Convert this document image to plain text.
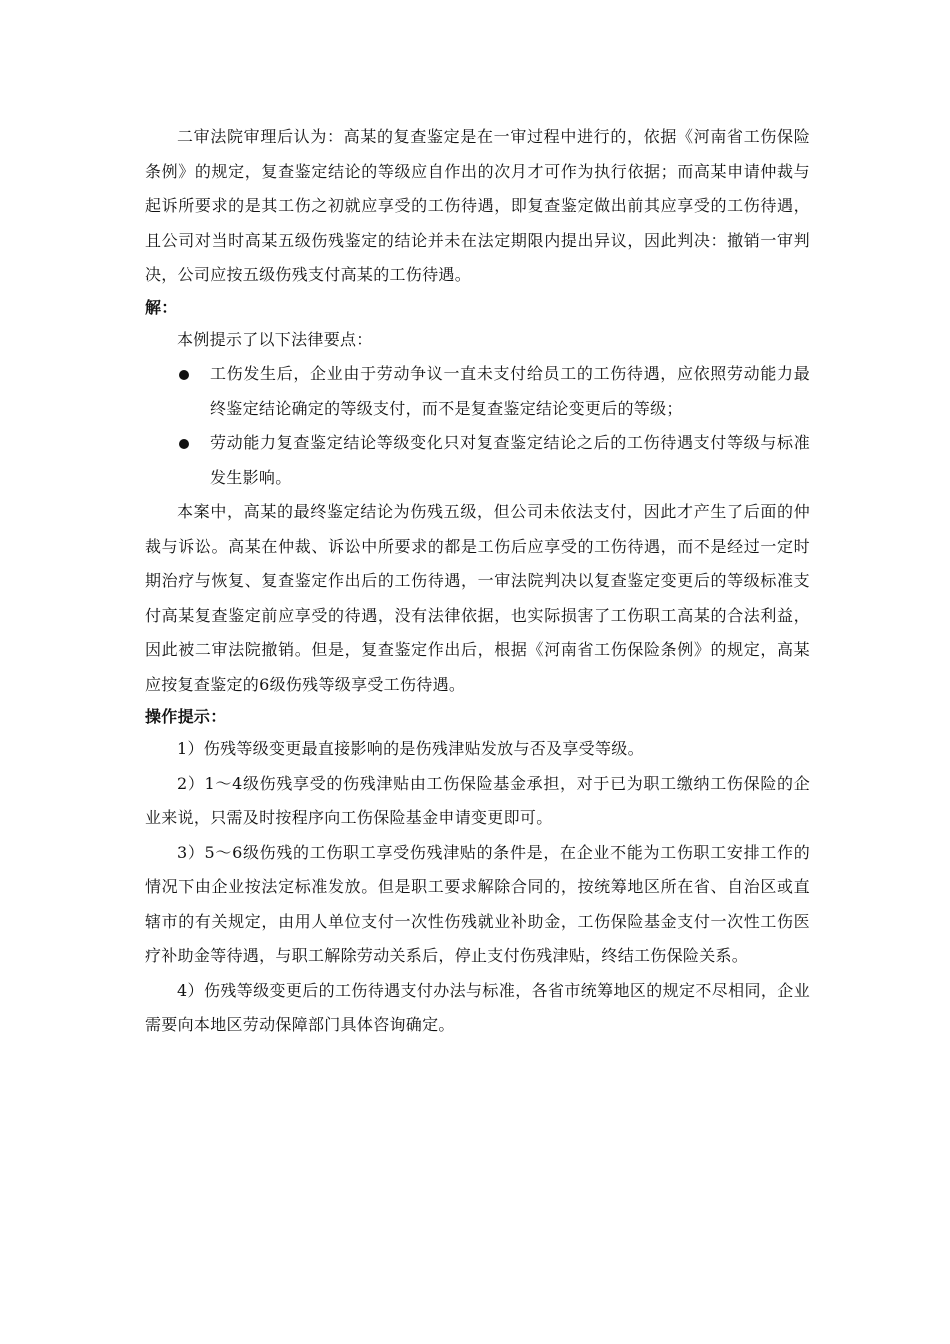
二审法院审理后认为：高某的复查鉴定是在一审过程中进行的，依据《河南省工伤保险条例》的规定，复查鉴定结论的等级应自作出的次月才可作为执行依据；而高某申请仲裁与起诉所要求的是其工伤之初就应享受的工伤待遇，即复查鉴定做出前其应享受的工伤待遇，且公司对当时高某五级伤残鉴定的结论并未在法定期限内提出异议，因此判决：撤销一审判决，公司应按五级伤残支付高某的工伤待遇。

解：

本例提示了以下法律要点：

工伤发生后，企业由于劳动争议一直未支付给员工的工伤待遇，应依照劳动能力最终鉴定结论确定的等级支付，而不是复查鉴定结论变更后的等级；
劳动能力复查鉴定结论等级变化只对复查鉴定结论之后的工伤待遇支付等级与标准发生影响。

本案中，高某的最终鉴定结论为伤残五级，但公司未依法支付，因此才产生了后面的仲裁与诉讼。高某在仲裁、诉讼中所要求的都是工伤后应享受的工伤待遇，而不是经过一定时期治疗与恢复、复查鉴定作出后的工伤待遇，一审法院判决以复查鉴定变更后的等级标准支付高某复查鉴定前应享受的待遇，没有法律依据，也实际损害了工伤职工高某的合法利益，因此被二审法院撤销。但是，复查鉴定作出后，根据《河南省工伤保险条例》的规定，高某应按复查鉴定的6级伤残等级享受工伤待遇。

操作提示：

1）伤残等级变更最直接影响的是伤残津贴发放与否及享受等级。

2）1～4级伤残享受的伤残津贴由工伤保险基金承担，对于已为职工缴纳工伤保险的企业来说，只需及时按程序向工伤保险基金申请变更即可。

3）5～6级伤残的工伤职工享受伤残津贴的条件是，在企业不能为工伤职工安排工作的情况下由企业按法定标准发放。但是职工要求解除合同的，按统筹地区所在省、自治区或直辖市的有关规定，由用人单位支付一次性伤残就业补助金，工伤保险基金支付一次性工伤医疗补助金等待遇，与职工解除劳动关系后，停止支付伤残津贴，终结工伤保险关系。

4）伤残等级变更后的工伤待遇支付办法与标准，各省市统筹地区的规定不尽相同，企业需要向本地区劳动保障部门具体咨询确定。
